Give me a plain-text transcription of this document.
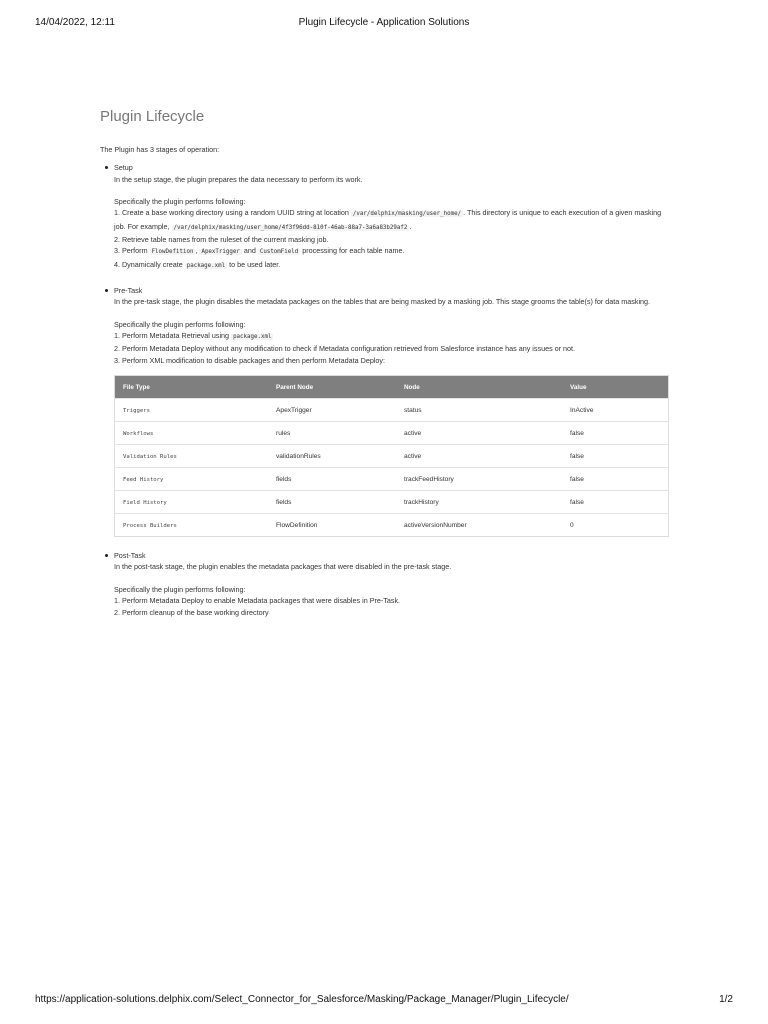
14/04/2022, 12:11	Plugin Lifecycle - Application Solutions
Plugin Lifecycle

The Plugin has 3 stages of operation:

Setup
In the setup stage, the plugin prepares the data necessary to perform its work.
Specifically the plugin performs following:
1. Create a base working directory using a random UUID string at location /var/delphix/masking/user_home/ . This directory is unique to each execution of a given masking job. For example, /var/delphix/masking/user_home/4f3f96dd-810f-46ab-88a7-3a6a83b29af2 .
2. Retrieve table names from the ruleset of the current masking job.
3. Perform FlowDefition , ApexTrigger and CustomField processing for each table name.
4. Dynamically create package.xml to be used later.
Pre-Task
In the pre-task stage, the plugin disables the metadata packages on the tables that are being masked by a masking job. This stage grooms the table(s) for data masking.
Specifically the plugin performs following:
1. Perform Metadata Retrieval using package.xml
2. Perform Metadata Deploy without any modification to check if Metadata configuration retrieved from Salesforce instance has any issues or not.
3. Perform XML modification to disable packages and then perform Metadata Deploy:
File Type	Parent Node	Node	Value
Triggers	ApexTrigger	status	InActive
Workflows	rules	active	false
Validation Rules	validationRules	active	false
Feed History	fields	trackFeedHistory	false
Field History	fields	trackHistory	false
Process Builders	FlowDefinition	activeVersionNumber	0
Post-Task
In the post-task stage, the plugin enables the metadata packages that were disabled in the pre-task stage.
Specifically the plugin performs following:
1. Perform Metadata Deploy to enable Metadata packages that were disables in Pre-Task.
2. Perform cleanup of the base working directory
https://application-solutions.delphix.com/Select_Connector_for_Salesforce/Masking/Package_Manager/Plugin_Lifecycle/	1/2
